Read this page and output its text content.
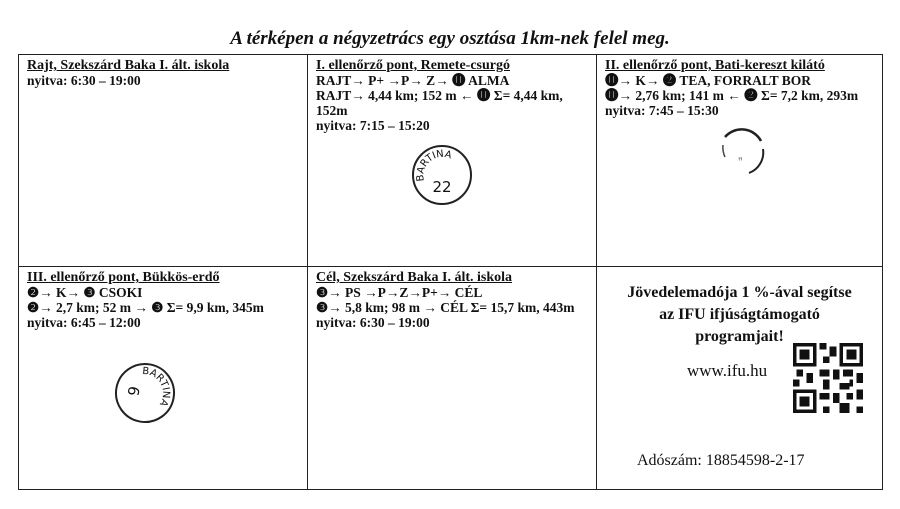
A térképen a négyzetrács egy osztása 1km-nek felel meg.
Rajt, Szekszárd Baka I. ált. iskola
nyitva: 6:30 – 19:00
I. ellenőrző pont, Remete-csurgó
RAJT→ P+ →P→ Z→ ⓫ ALMA
RAJT→ 4,44 km; 152 m ← ⓫ Σ= 4,44 km, 152m
nyitva: 7:15 – 15:20
BARTINA
22
II. ellenőrző pont, Bati-kereszt kilátó
⓫→ K→ ❷ TEA, FORRALT BOR
⓫→ 2,76 km; 141 m ← ❷ Σ= 7,2 km, 293m
nyitva: 7:45 – 15:30
ꟸ
III. ellenőrző pont, Bükkös-erdő
❷→ K→ ❸ CSOKI
❷→ 2,7 km; 52 m → ❸ Σ= 9,9 km, 345m
nyitva: 6:45 – 12:00
BARTINA
6
Cél, Szekszárd Baka I. ált. iskola
❸→ PS →P→Z→P+→ CÉL
❸→ 5,8 km; 98 m → CÉL Σ= 15,7 km, 443m
nyitva: 6:30 – 19:00
Jövedelemadója 1 %-ával segítse
az IFU ifjúságtámogató
programjait!
www.ifu.hu
Adószám: 18854598-2-17
